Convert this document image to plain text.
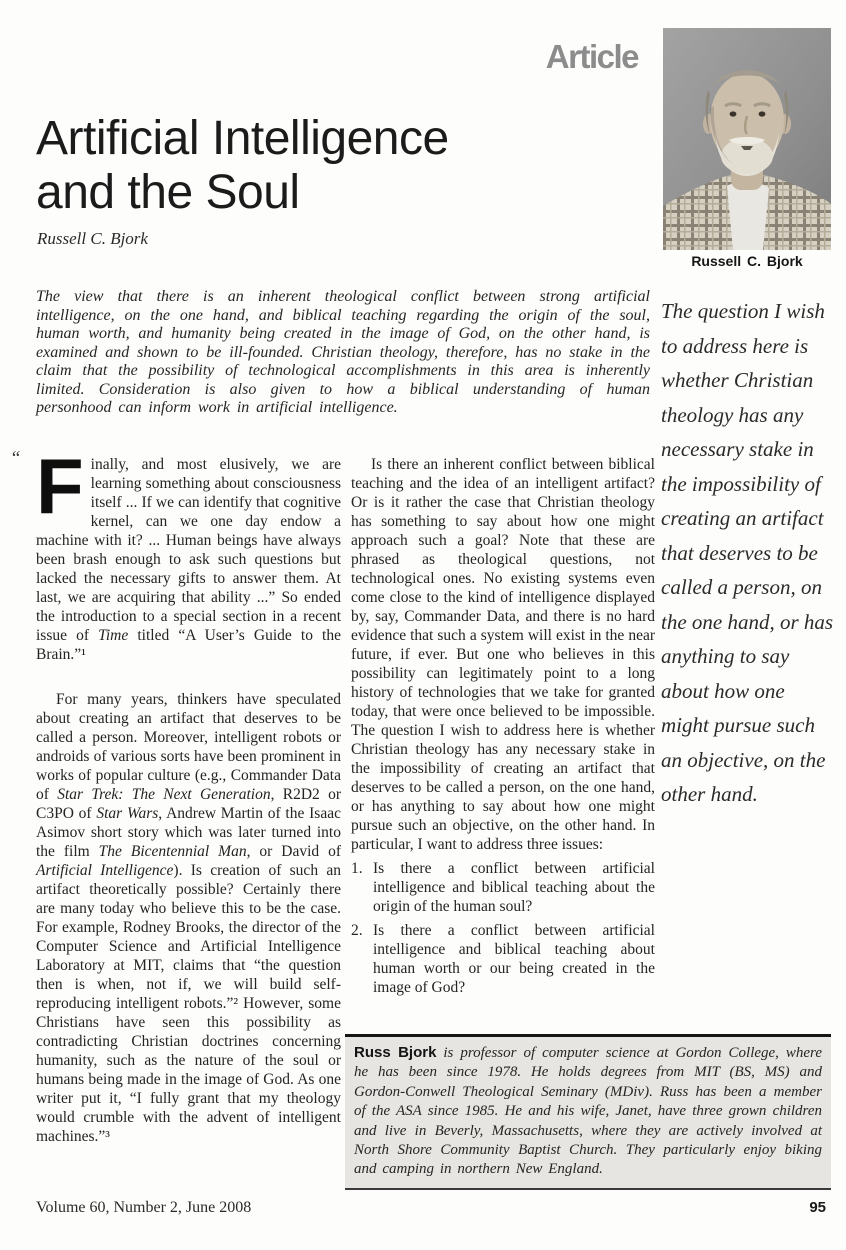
Article
Russell C. Bjork
Artificial Intelligence
and the Soul
Russell C. Bjork
The view that there is an inherent theological conflict between strong artificial intelligence, on the one hand, and biblical teaching regarding the origin of the soul, human worth, and humanity being created in the image of God, on the other hand, is examined and shown to be ill-founded. Christian theology, therefore, has no stake in the claim that the possibility of technological accomplishments in this area is inherently limited. Consideration is also given to how a biblical understanding of human personhood can inform work in artificial intelligence.
“ Finally, and most elusively, we are learning something about consciousness itself ... If we can identify that cognitive kernel, can we one day endow a machine with it? ... Human beings have always been brash enough to ask such questions but lacked the necessary gifts to answer them. At last, we are acquiring that ability ...” So ended the introduction to a special section in a recent issue of Time titled “A User’s Guide to the Brain.”¹

For many years, thinkers have speculated about creating an artifact that deserves to be called a person. Moreover, intelligent robots or androids of various sorts have been prominent in works of popular culture (e.g., Commander Data of Star Trek: The Next Generation, R2D2 or C3PO of Star Wars, Andrew Martin of the Isaac Asimov short story which was later turned into the film The Bicentennial Man, or David of Artificial Intelligence). Is creation of such an artifact theoretically possible? Certainly there are many today who believe this to be the case. For example, Rodney Brooks, the director of the Computer Science and Artificial Intelligence Laboratory at MIT, claims that “the question then is when, not if, we will build self-reproducing intelligent robots.”² However, some Christians have seen this possibility as contradicting Christian doctrines concerning humanity, such as the nature of the soul or humans being made in the image of God. As one writer put it, “I fully grant that my theology would crumble with the advent of intelligent machines.”³

Is there an inherent conflict between biblical teaching and the idea of an intelligent artifact? Or is it rather the case that Christian theology has something to say about how one might approach such a goal? Note that these are phrased as theological questions, not technological ones. No existing systems even come close to the kind of intelligence displayed by, say, Commander Data, and there is no hard evidence that such a system will exist in the near future, if ever. But one who believes in this possibility can legitimately point to a long history of technologies that we take for granted today, that were once believed to be impossible. The question I wish to address here is whether Christian theology has any necessary stake in the impossibility of creating an artifact that deserves to be called a person, on the one hand, or has anything to say about how one might pursue such an objective, on the other hand. In particular, I want to address three issues:

1. Is there a conflict between artificial intelligence and biblical teaching about the origin of the human soul?
2. Is there a conflict between artificial intelligence and biblical teaching about human worth or our being created in the image of God?
The question I wish to address here is whether Christian theology has any necessary stake in the impossibility of creating an artifact that deserves to be called a person, on the one hand, or has anything to say about how one might pursue such an objective, on the other hand.
Russ Bjork is professor of computer science at Gordon College, where he has been since 1978. He holds degrees from MIT (BS, MS) and Gordon-Conwell Theological Seminary (MDiv). Russ has been a member of the ASA since 1985. He and his wife, Janet, have three grown children and live in Beverly, Massachusetts, where they are actively involved at North Shore Community Baptist Church. They particularly enjoy biking and camping in northern New England.
Volume 60, Number 2, June 2008	95
